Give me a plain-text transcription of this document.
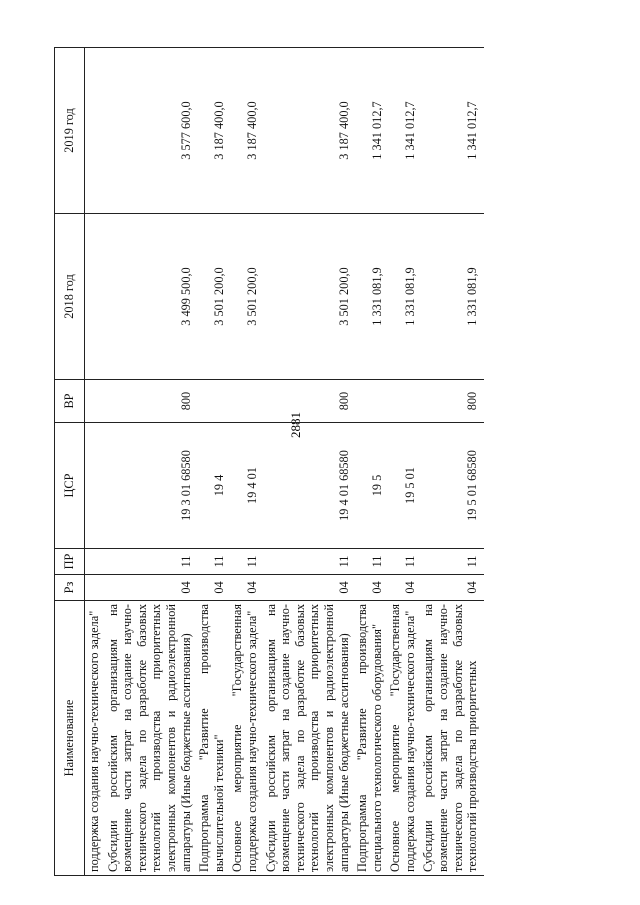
2881
Наименование	Рз	ПР	ЦСР	ВР	2018 год	2019 год
поддержка создания научно-технического задела"						
Субсидии российским организациям на возмещение части затрат на создание научно-технического задела по разработке базовых технологий производства приоритетных электронных компонентов и радиоэлектронной аппаратуры (Иные бюджетные ассигнования)	04	11	19 3 01 68580	800	3 499 500,0	3 577 600,0
Подпрограмма "Развитие производства вычислительной техники"	04	11	19 4		3 501 200,0	3 187 400,0
Основное мероприятие "Государственная поддержка создания научно-технического задела"	04	11	19 4 01		3 501 200,0	3 187 400,0
Субсидии российским организациям на возмещение части затрат на создание научно-технического задела по разработке базовых технологий производства приоритетных электронных компонентов и радиоэлектронной аппаратуры (Иные бюджетные ассигнования)	04	11	19 4 01 68580	800	3 501 200,0	3 187 400,0
Подпрограмма "Развитие производства специального технологического оборудования"	04	11	19 5		1 331 081,9	1 341 012,7
Основное мероприятие "Государственная поддержка создания научно-технического задела"	04	11	19 5 01		1 331 081,9	1 341 012,7
Субсидии российским организациям на возмещение части затрат на создание научно-технического задела по разработке базовых технологий производства приоритетных	04	11	19 5 01 68580	800	1 331 081,9	1 341 012,7
